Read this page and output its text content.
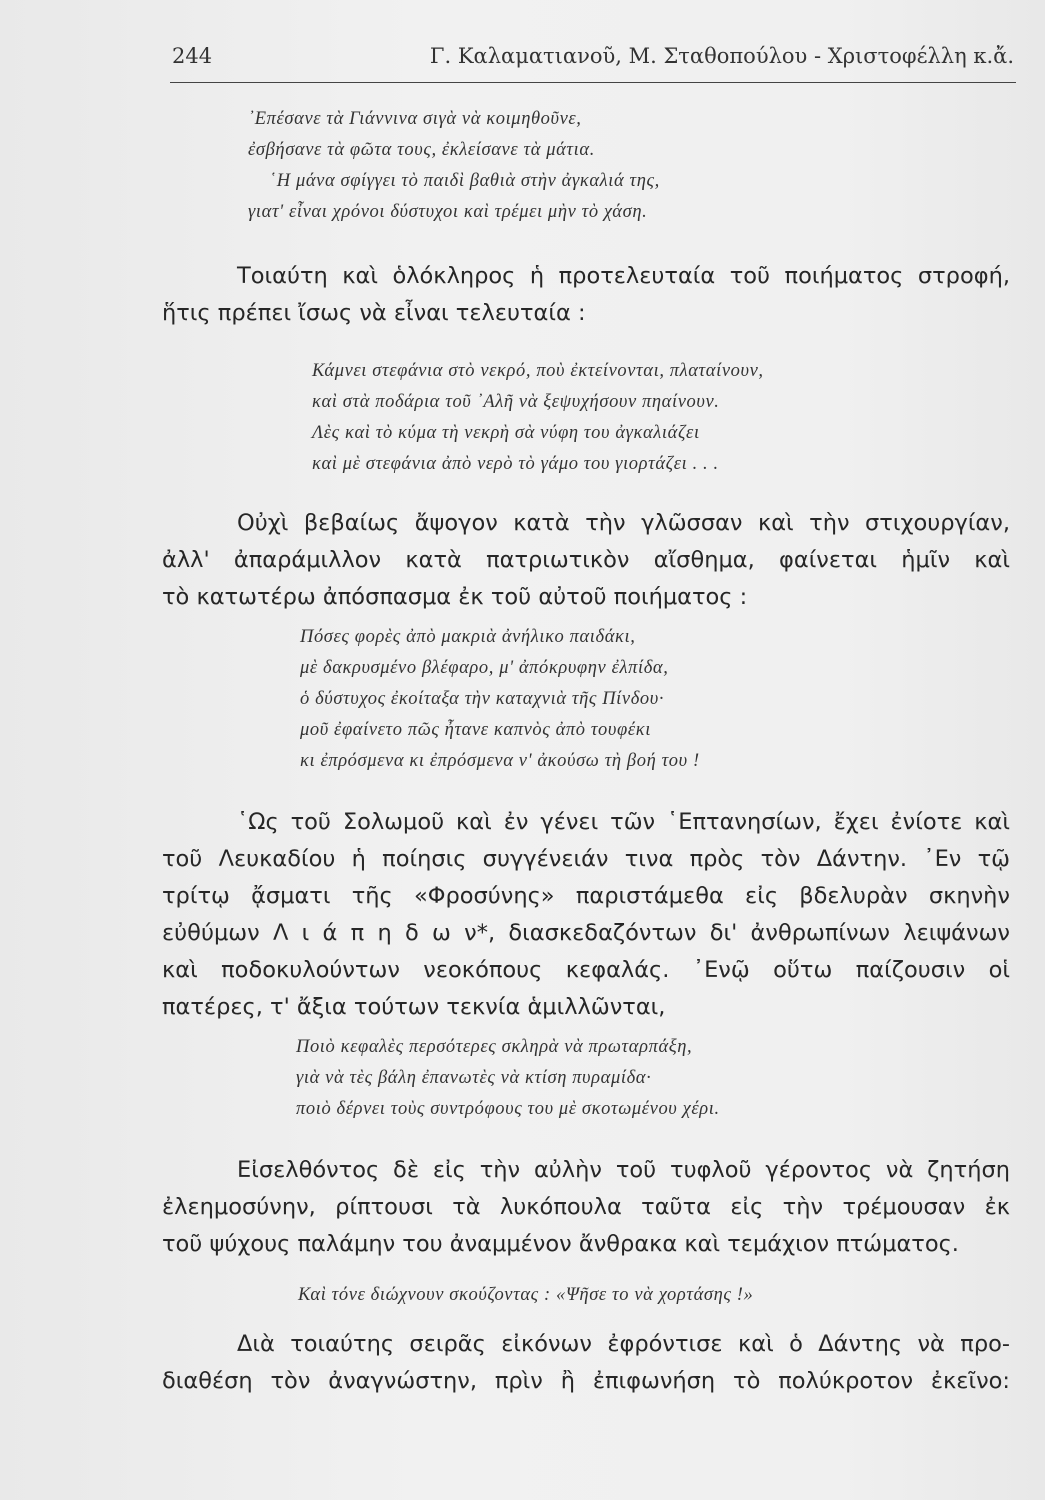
244	Γ. Καλαματιανοῦ, Μ. Σταθοπούλου - Χριστοφέλλη κ.ἄ.
᾿Επέσανε τὰ Γιάννινα σιγὰ νὰ κοιμηθοῦνε,
ἐσβήσανε τὰ φῶτα τους, ἐκλείσανε τὰ μάτια.
῾Η μάνα σφίγγει τὸ παιδὶ βαθιὰ στὴν ἀγκαλιά της,
γιατ' εἶναι χρόνοι δύστυχοι καὶ τρέμει μὴν τὸ χάση.
Τοιαύτη καὶ ὁλόκληρος ἡ προτελευταία τοῦ ποιήματος στροφή,
ἥτις πρέπει ἴσως νὰ εἶναι τελευταία :
Κάμνει στεφάνια στὸ νεκρό, ποὺ ἐκτείνονται, πλαταίνουν,
καὶ στὰ ποδάρια τοῦ ᾿Αλῆ νὰ ξεψυχήσουν πηαίνουν.
Λὲς καὶ τὸ κύμα τὴ νεκρὴ σὰ νύφη του ἀγκαλιάζει
καὶ μὲ στεφάνια ἀπὸ νερὸ τὸ γάμο του γιορτάζει . . .
Οὐχὶ βεβαίως ἄψογον κατὰ τὴν γλῶσσαν καὶ τὴν στιχουργίαν,
ἀλλ' ἀπαράμιλλον κατὰ πατριωτικὸν αἴσθημα, φαίνεται ἡμῖν καὶ
τὸ κατωτέρω ἀπόσπασμα ἐκ τοῦ αὐτοῦ ποιήματος :
Πόσες φορὲς ἀπὸ μακριὰ ἀνήλικο παιδάκι,
μὲ δακρυσμένο βλέφαρο, μ' ἀπόκρυφην ἐλπίδα,
ὁ δύστυχος ἐκοίταξα τὴν καταχνιὰ τῆς Πίνδου·
μοῦ ἐφαίνετο πῶς ἦτανε καπνὸς ἀπὸ τουφέκι
κι ἐπρόσμενα κι ἐπρόσμενα ν' ἀκούσω τὴ βοή του !
῾Ως τοῦ Σολωμοῦ καὶ ἐν γένει τῶν ῾Επτανησίων, ἔχει ἐνίοτε καὶ
τοῦ Λευκαδίου ἡ ποίησις συγγένειάν τινα πρὸς τὸν Δάντην. ᾿Εν τῷ
τρίτῳ ᾄσματι τῆς «Φροσύνης» παριστάμεθα εἰς βδελυρὰν σκηνὴν
εὐθύμων Λ ι ά π η δ ω ν*, διασκεδαζόντων δι' ἀνθρωπίνων λειψάνων
καὶ ποδοκυλούντων νεοκόπους κεφαλάς. ᾿Ενῷ οὕτω παίζουσιν οἱ
πατέρες, τ' ἄξια τούτων τεκνία ἁμιλλῶνται,
Ποιὸ κεφαλὲς περσότερες σκληρὰ νὰ πρωταρπάξη,
γιὰ νὰ τὲς βάλη ἐπανωτὲς νὰ κτίση πυραμίδα·
ποιὸ δέρνει τοὺς συντρόφους του μὲ σκοτωμένου χέρι.
Εἰσελθόντος δὲ εἰς τὴν αὐλὴν τοῦ τυφλοῦ γέροντος νὰ ζητήση
ἐλεημοσύνην, ρίπτουσι τὰ λυκόπουλα ταῦτα εἰς τὴν τρέμουσαν ἐκ
τοῦ ψύχους παλάμην του ἀναμμένον ἄνθρακα καὶ τεμάχιον πτώματος.
Καὶ τόνε διώχνουν σκούζοντας : «Ψῆσε το νὰ χορτάσης !»
Διὰ τοιαύτης σειρᾶς εἰκόνων ἐφρόντισε καὶ ὁ Δάντης νὰ προ-
διαθέση τὸν ἀναγνώστην, πρὶν ἢ ἐπιφωνήση τὸ πολύκροτον ἐκεῖνο:
